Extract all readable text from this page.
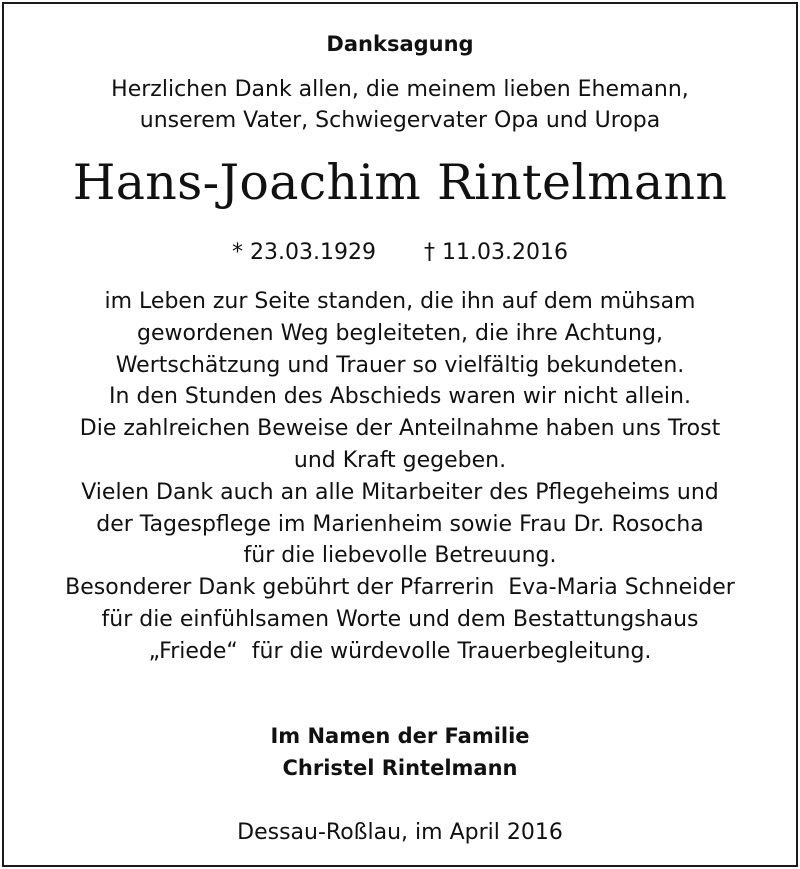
Danksagung
Herzlichen Dank allen, die meinem lieben Ehemann,
unserem Vater, Schwiegervater Opa und Uropa
Hans-Joachim Rintelmann
* 23.03.1929 † 11.03.2016
im Leben zur Seite standen, die ihn auf dem mühsam
gewordenen Weg begleiteten, die ihre Achtung,
Wertschätzung und Trauer so vielfältig bekundeten.
In den Stunden des Abschieds waren wir nicht allein.
Die zahlreichen Beweise der Anteilnahme haben uns Trost
und Kraft gegeben.
Vielen Dank auch an alle Mitarbeiter des Pflegeheims und
der Tagespflege im Marienheim sowie Frau Dr. Rosocha
für die liebevolle Betreuung.
Besonderer Dank gebührt der Pfarrerin  Eva-Maria Schneider
für die einfühlsamen Worte und dem Bestattungshaus
„Friede“  für die würdevolle Trauerbegleitung.
Im Namen der Familie
Christel Rintelmann
Dessau-Roßlau, im April 2016
